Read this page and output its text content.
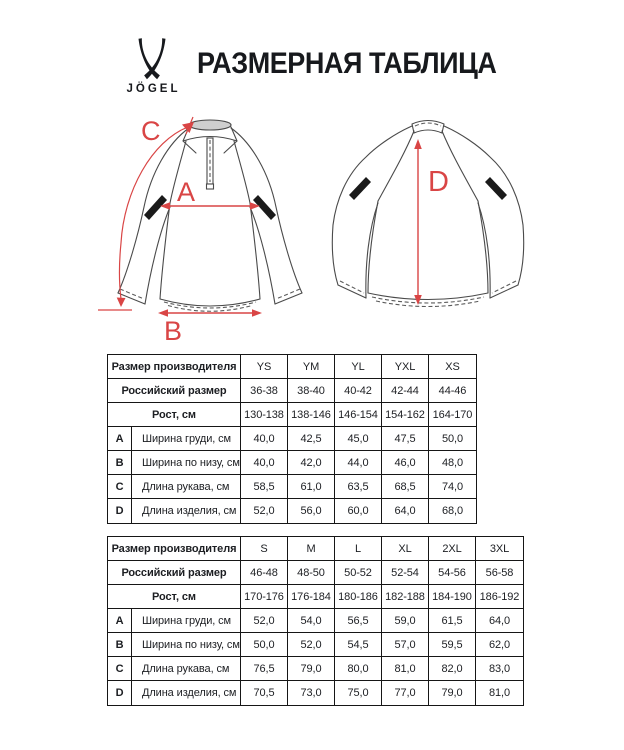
JÖGEL
РАЗМЕРНАЯ ТАБЛИЦА
A
B
C
D
Размер производителя	YS	YM	YL	YXL	XS
Российский размер	36-38	38-40	40-42	42-44	44-46
Рост, см	130-138 138-146 146-154 154-162 164-170
A	Ширина груди, см	40,0	42,5	45,0	47,5	50,0
B	Ширина по низу, см	40,0	42,0	44,0	46,0	48,0
C	Длина рукава, см	58,5	61,0	63,5	68,5	74,0
D	Длина изделия, см	52,0	56,0	60,0	64,0	68,0
Размер производителя	S	M	L	XL	2XL	3XL
Российский размер	46-48	48-50	50-52	52-54	54-56	56-58
Рост, см	170-176 176-184 180-186 182-188 184-190 186-192
A	Ширина груди, см	52,0	54,0	56,5	59,0	61,5	64,0
B	Ширина по низу, см	50,0	52,0	54,5	57,0	59,5	62,0
C	Длина рукава, см	76,5	79,0	80,0	81,0	82,0	83,0
D	Длина изделия, см	70,5	73,0	75,0	77,0	79,0	81,0
